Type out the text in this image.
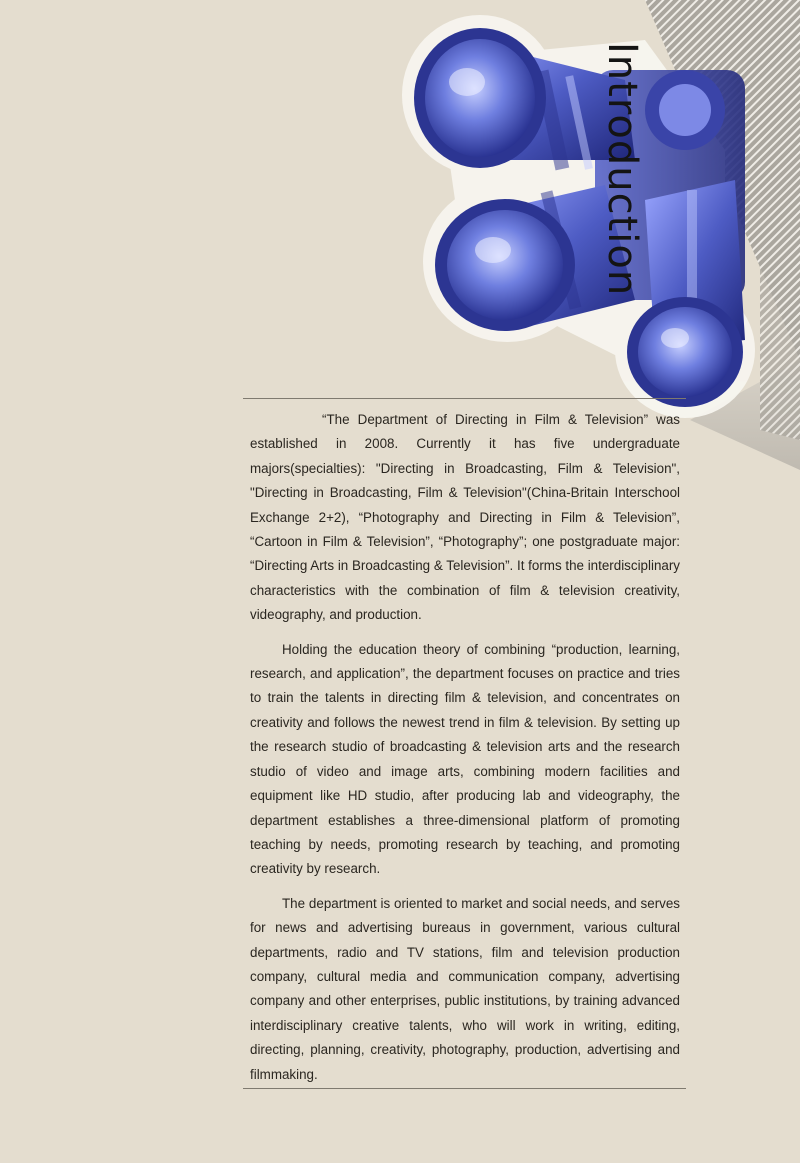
Introduction

“The Department of Directing in Film & Television” was established in 2008. Currently it has five undergraduate majors(specialties): "Directing in Broadcasting, Film & Television", "Directing in Broadcasting, Film & Television"(China-Britain Interschool Exchange 2+2), “Photography and Directing in Film & Television”, “Cartoon in Film & Television”, “Photography”; one postgraduate major: “Directing Arts in Broadcasting & Television”. It forms the interdisciplinary characteristics with the combination of film & television creativity, videography, and production.

Holding the education theory of combining “production, learning, research, and application”, the department focuses on practice and tries to train the talents in directing film & television, and concentrates on creativity and follows the newest trend in film & television. By setting up the research studio of broadcasting & television arts and the research studio of video and image arts, combining modern facilities and equipment like HD studio, after producing lab and videography, the department establishes a three-dimensional platform of promoting teaching by needs, promoting research by teaching, and promoting creativity by research.

The department is oriented to market and social needs, and serves for news and advertising bureaus in government, various cultural departments, radio and TV stations, film and television production company, cultural media and communication company, advertising company and other enterprises, public institutions, by training advanced interdisciplinary creative talents, who will work in writing, editing, directing, planning, creativity, photography, production, advertising and filmmaking.
